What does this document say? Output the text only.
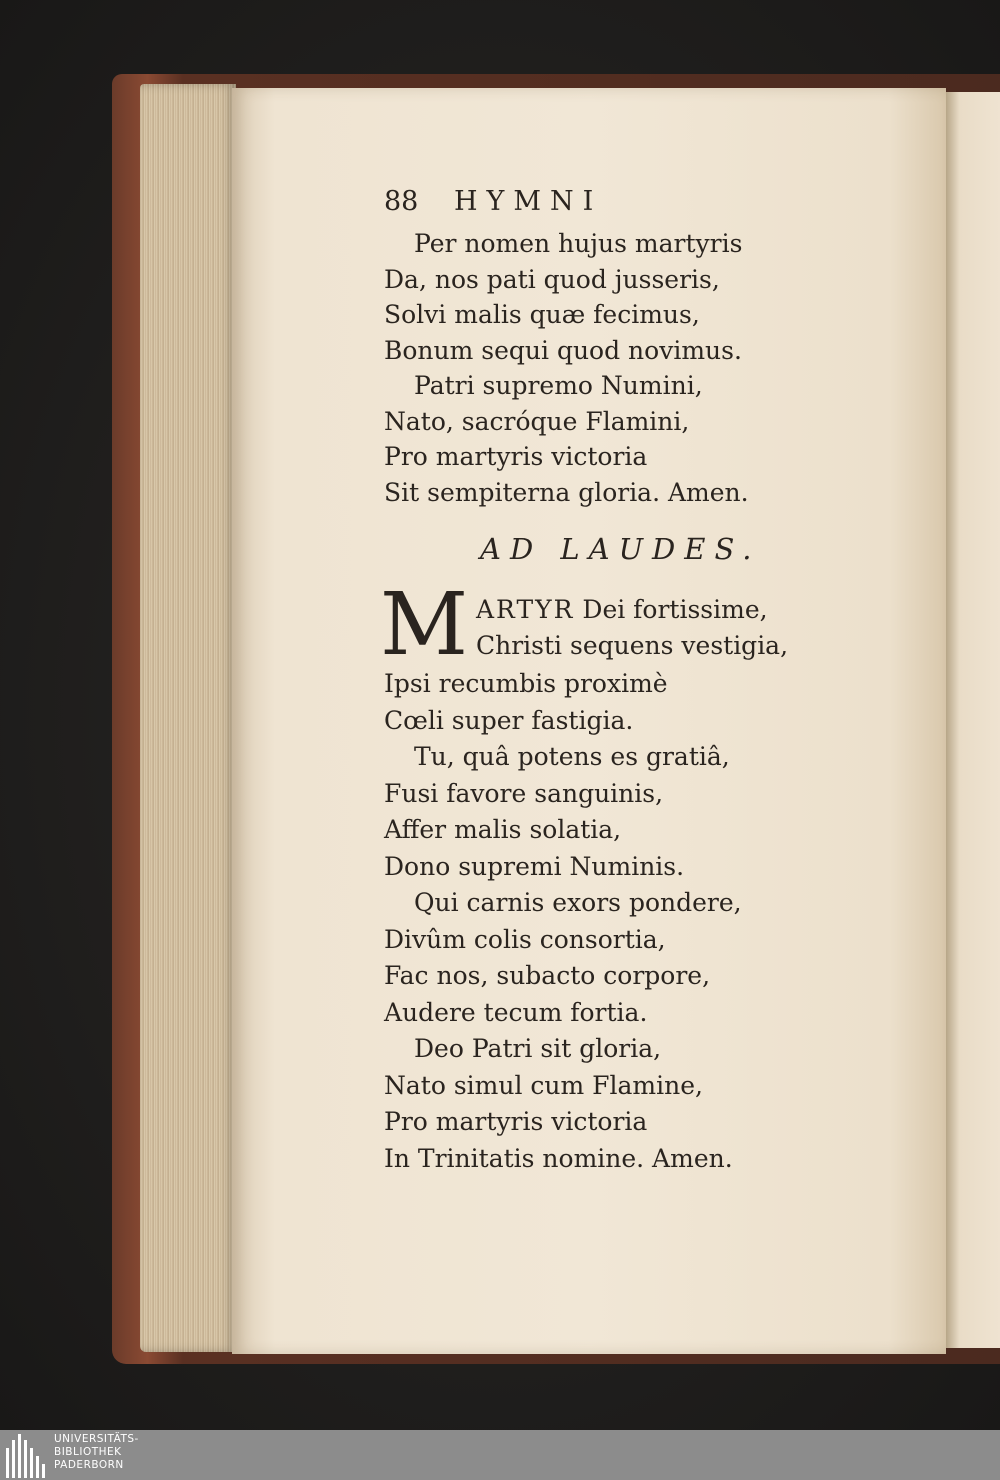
88	HYMNI
Per nomen hujus martyris
Da, nos pati quod jusseris,
Solvi malis quæ fecimus,
Bonum sequi quod novimus.
Patri supremo Numini,
Nato, sacróque Flamini,
Pro martyris victoria
Sit sempiterna gloria. Amen.
AD LAUDES.
M ARTYR Dei fortissime,
Christi sequens vestigia,
Ipsi recumbis proximè
Cœli super fastigia.
Tu, quâ potens es gratiâ,
Fusi favore sanguinis,
Affer malis solatia,
Dono supremi Numinis.
Qui carnis exors pondere,
Divûm colis consortia,
Fac nos, subacto corpore,
Audere tecum fortia.
Deo Patri sit gloria,
Nato simul cum Flamine,
Pro martyris victoria
In Trinitatis nomine. Amen.
UNIVERSITÄTS-
BIBLIOTHEK
PADERBORN
